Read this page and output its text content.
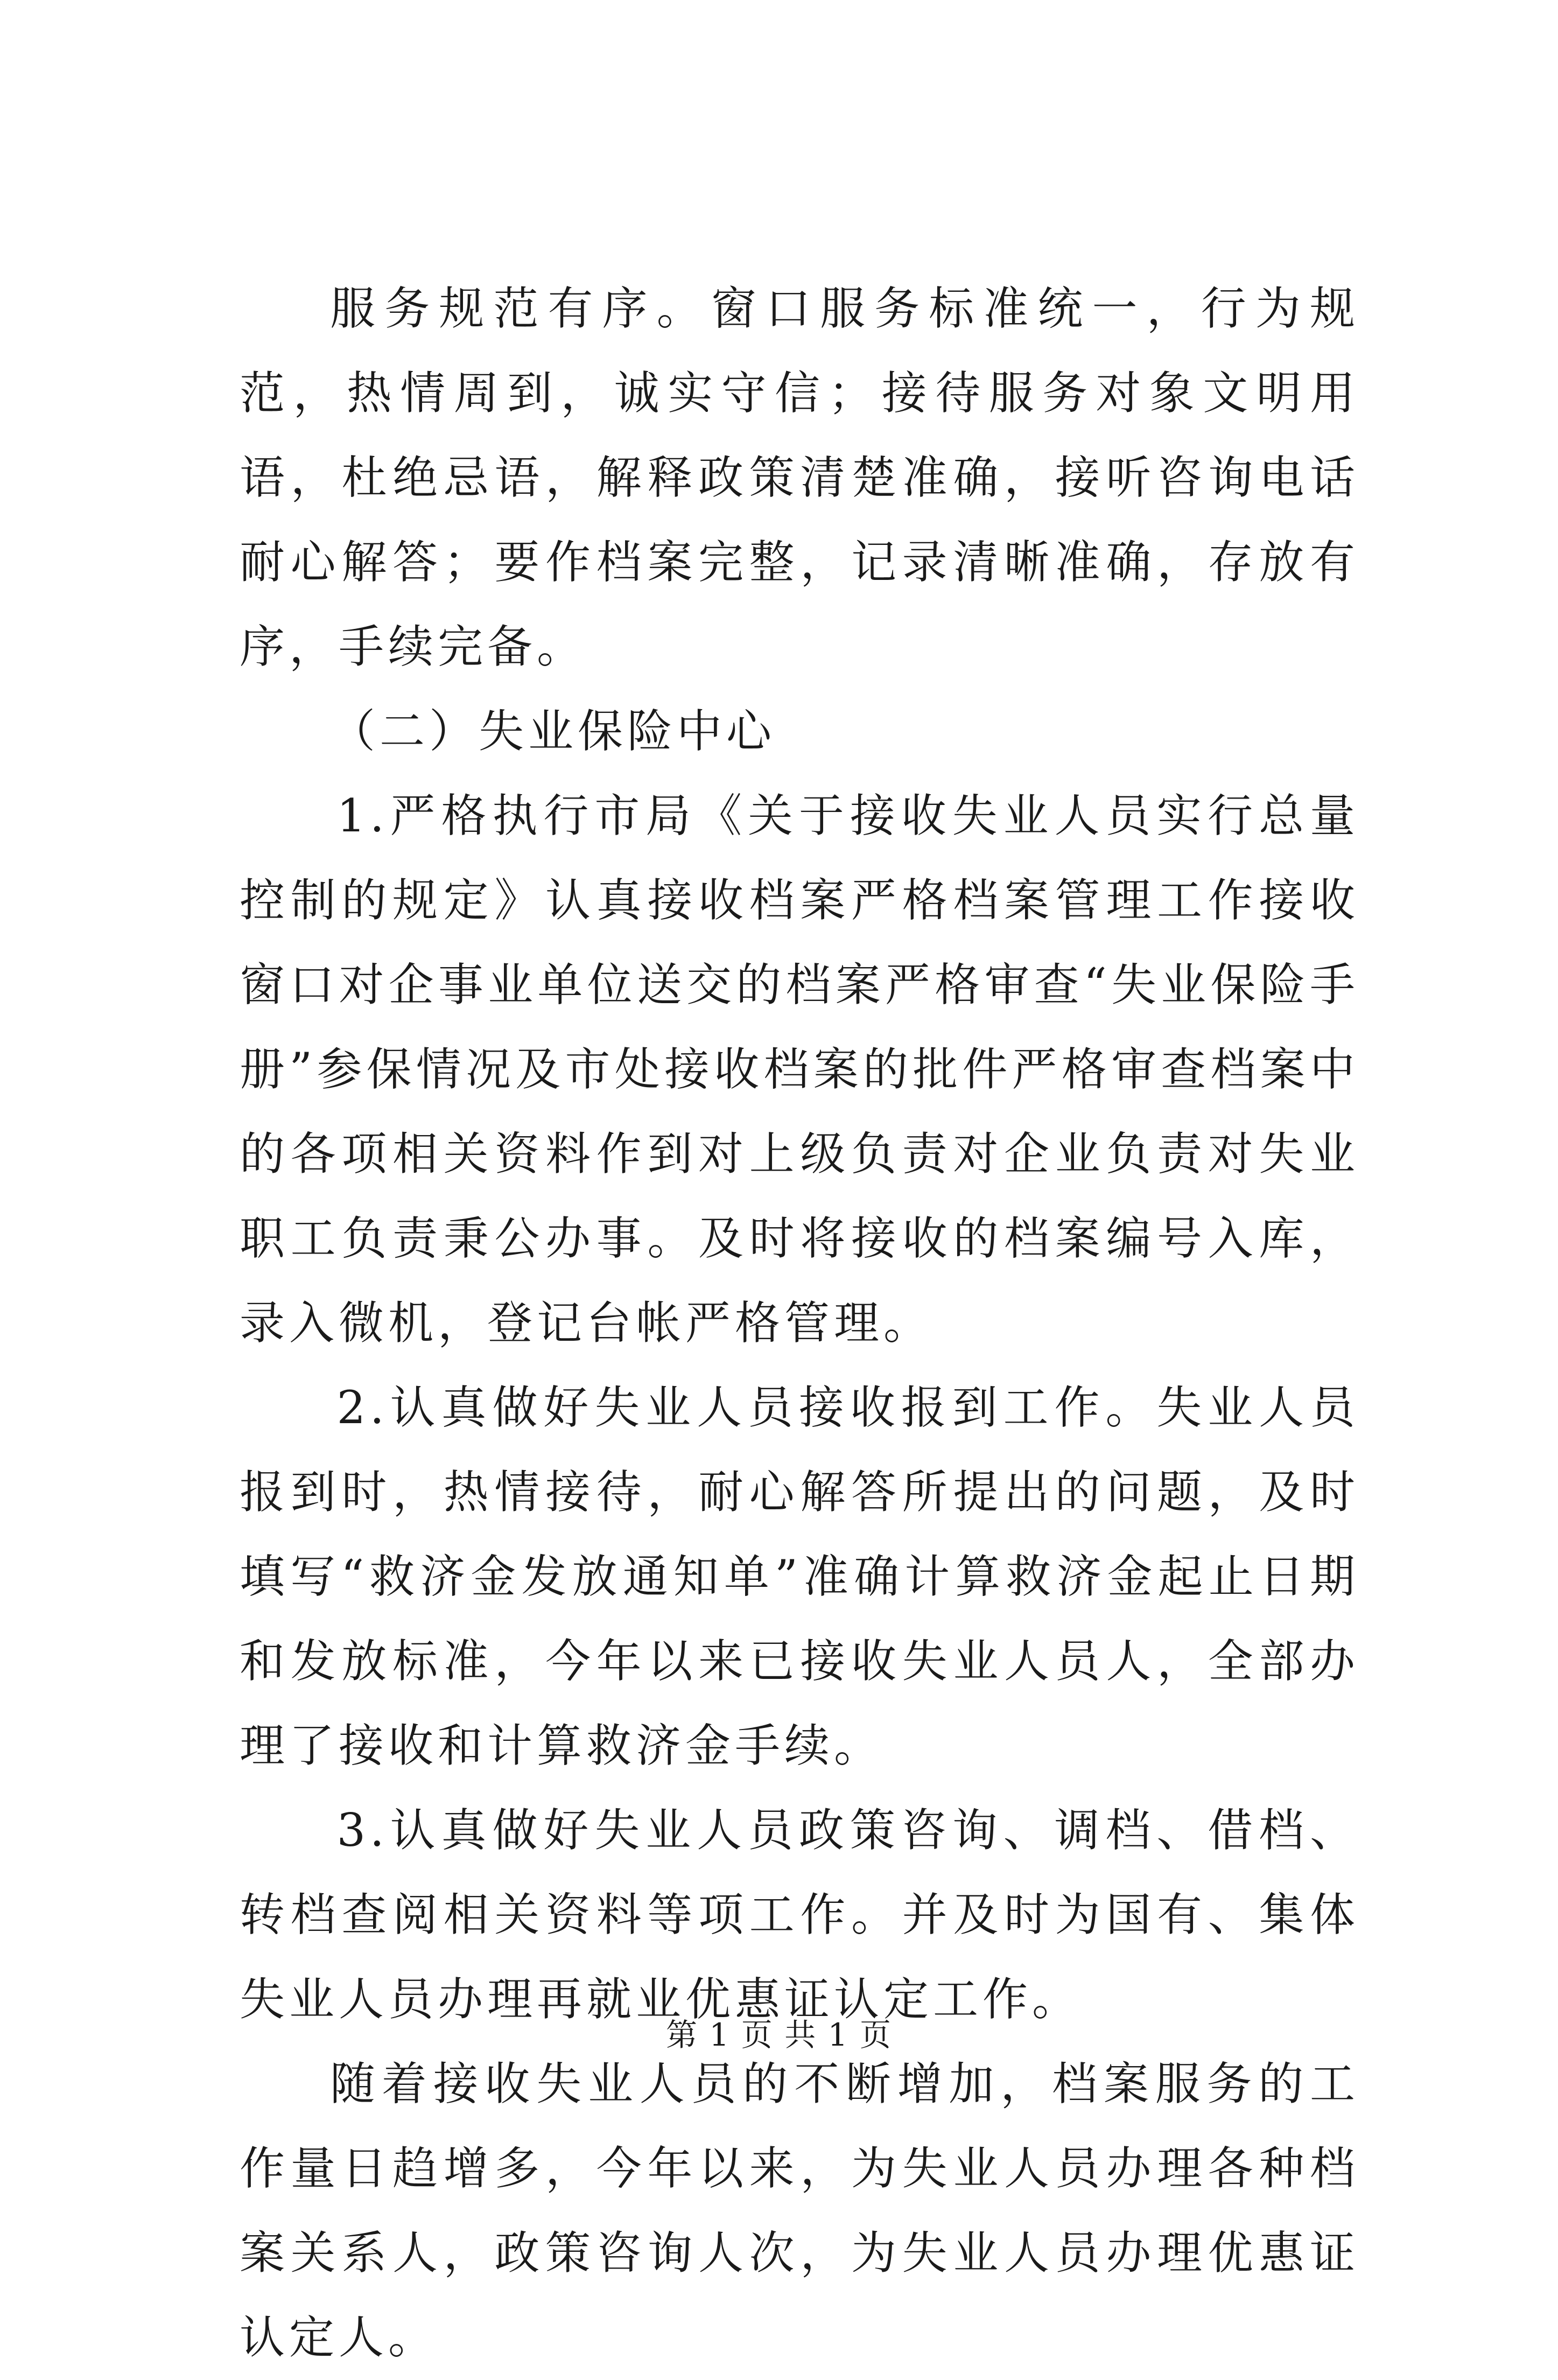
服务规范有序。窗口服务标准统一，行为规范，热情周到，诚实守信；接待服务对象文明用语，杜绝忌语，解释政策清楚准确，接听咨询电话耐心解答；要作档案完整，记录清晰准确，存放有序，手续完备。

（二）失业保险中心

1.严格执行市局《关于接收失业人员实行总量控制的规定》认真接收档案严格档案管理工作接收窗口对企事业单位送交的档案严格审查“失业保险手册”参保情况及市处接收档案的批件严格审查档案中的各项相关资料作到对上级负责对企业负责对失业职工负责秉公办事。及时将接收的档案编号入库，录入微机，登记台帐严格管理。

2.认真做好失业人员接收报到工作。失业人员报到时，热情接待，耐心解答所提出的问题，及时填写“救济金发放通知单”准确计算救济金起止日期和发放标准，今年以来已接收失业人员人，全部办理了接收和计算救济金手续。

3.认真做好失业人员政策咨询、调档、借档、转档查阅相关资料等项工作。并及时为国有、集体失业人员办理再就业优惠证认定工作。

随着接收失业人员的不断增加，档案服务的工作量日趋增多，今年以来，为失业人员办理各种档案关系人，政策咨询人次，为失业人员办理优惠证认定人。

第 1 页 共 1 页
